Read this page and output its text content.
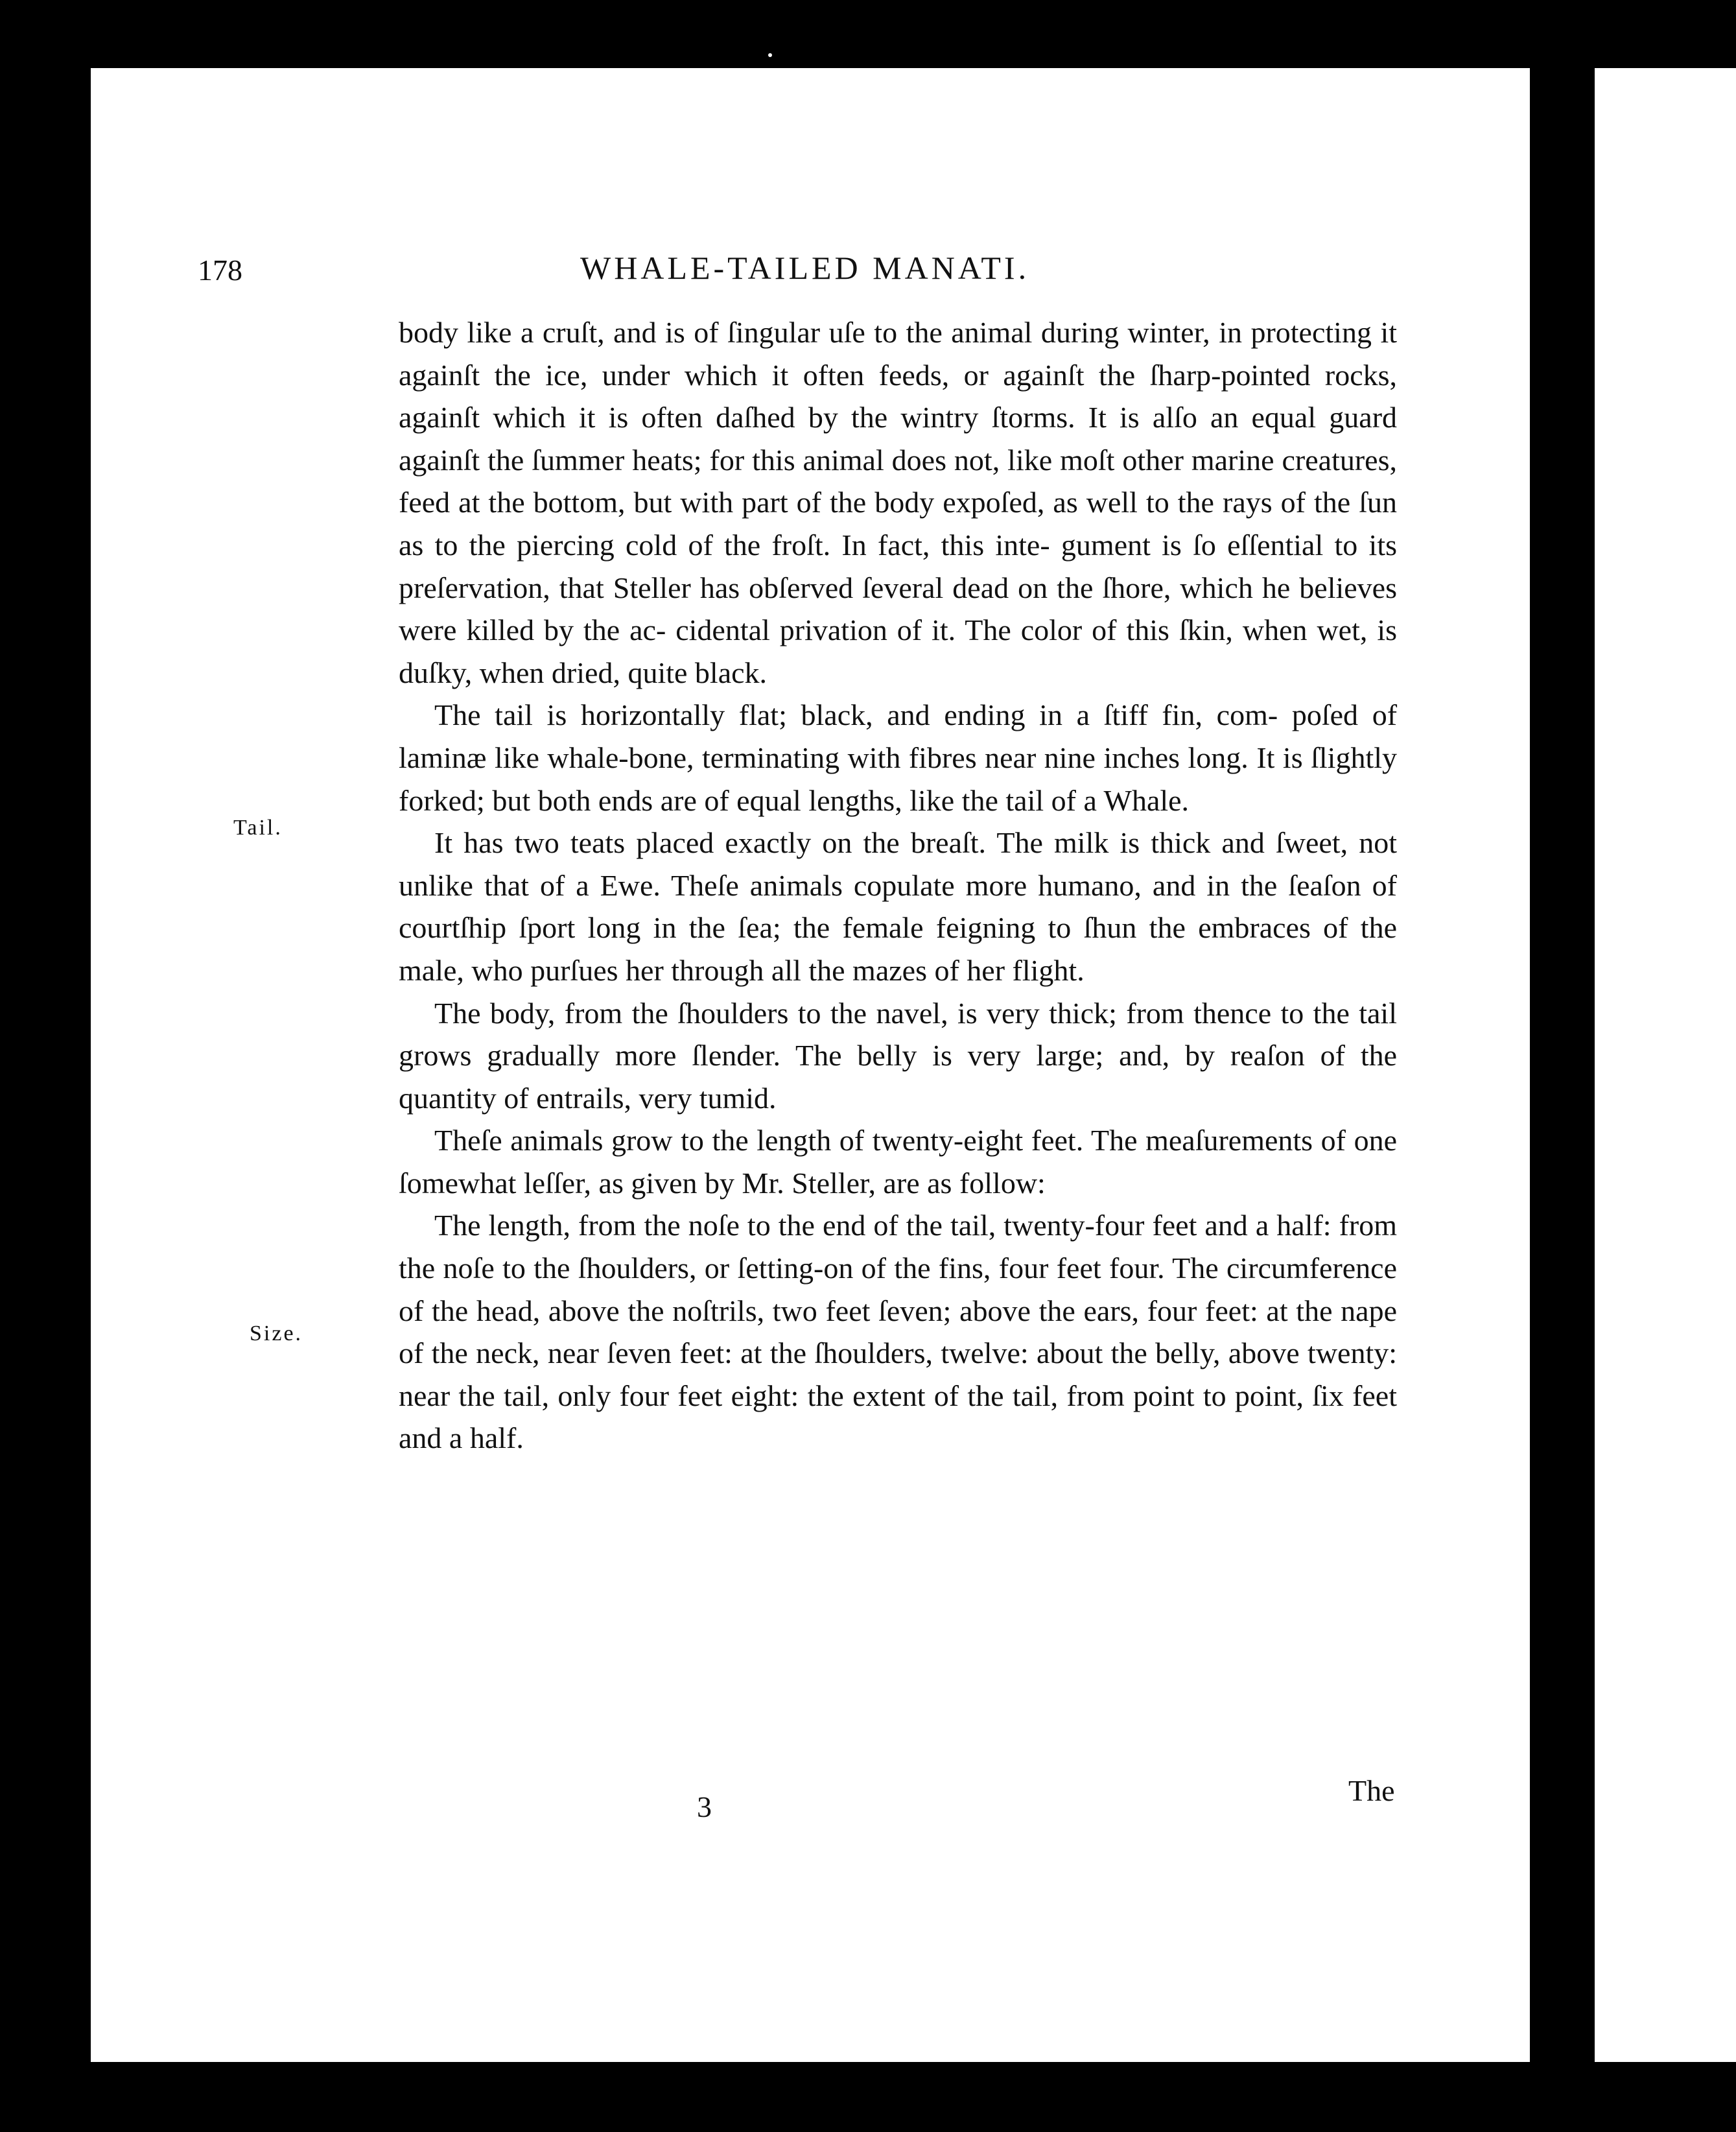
178	WHALE-TAILED MANATI.

Tail.

Size.

body like a cruſt, and is of ſingular uſe to the animal during winter, in protecting it againſt the ice, under which it often feeds, or againſt the ſharp-pointed rocks, againſt which it is often daſhed by the wintry ſtorms. It is alſo an equal guard againſt the ſummer heats; for this animal does not, like moſt other marine creatures, feed at the bottom, but with part of the body expoſed, as well to the rays of the ſun as to the piercing cold of the froſt. In fact, this inte- gument is ſo eſſential to its preſervation, that Steller has obſerved ſeveral dead on the ſhore, which he believes were killed by the ac- cidental privation of it. The color of this ſkin, when wet, is duſky, when dried, quite black.

The tail is horizontally flat; black, and ending in a ſtiff fin, com- poſed of laminæ like whale-bone, terminating with fibres near nine inches long. It is ſlightly forked; but both ends are of equal lengths, like the tail of a Whale.

It has two teats placed exactly on the breaſt. The milk is thick and ſweet, not unlike that of a Ewe. Theſe animals copulate more humano, and in the ſeaſon of courtſhip ſport long in the ſea; the female feigning to ſhun the embraces of the male, who purſues her through all the mazes of her flight.

The body, from the ſhoulders to the navel, is very thick; from thence to the tail grows gradually more ſlender. The belly is very large; and, by reaſon of the quantity of entrails, very tumid.

Theſe animals grow to the length of twenty-eight feet. The meaſurements of one ſomewhat leſſer, as given by Mr. Steller, are as follow:

The length, from the noſe to the end of the tail, twenty-four feet and a half: from the noſe to the ſhoulders, or ſetting-on of the fins, four feet four. The circumference of the head, above the noſtrils, two feet ſeven; above the ears, four feet: at the nape of the neck, near ſeven feet: at the ſhoulders, twelve: about the belly, above twenty: near the tail, only four feet eight: the extent of the tail, from point to point, ſix feet and a half.

3	The
